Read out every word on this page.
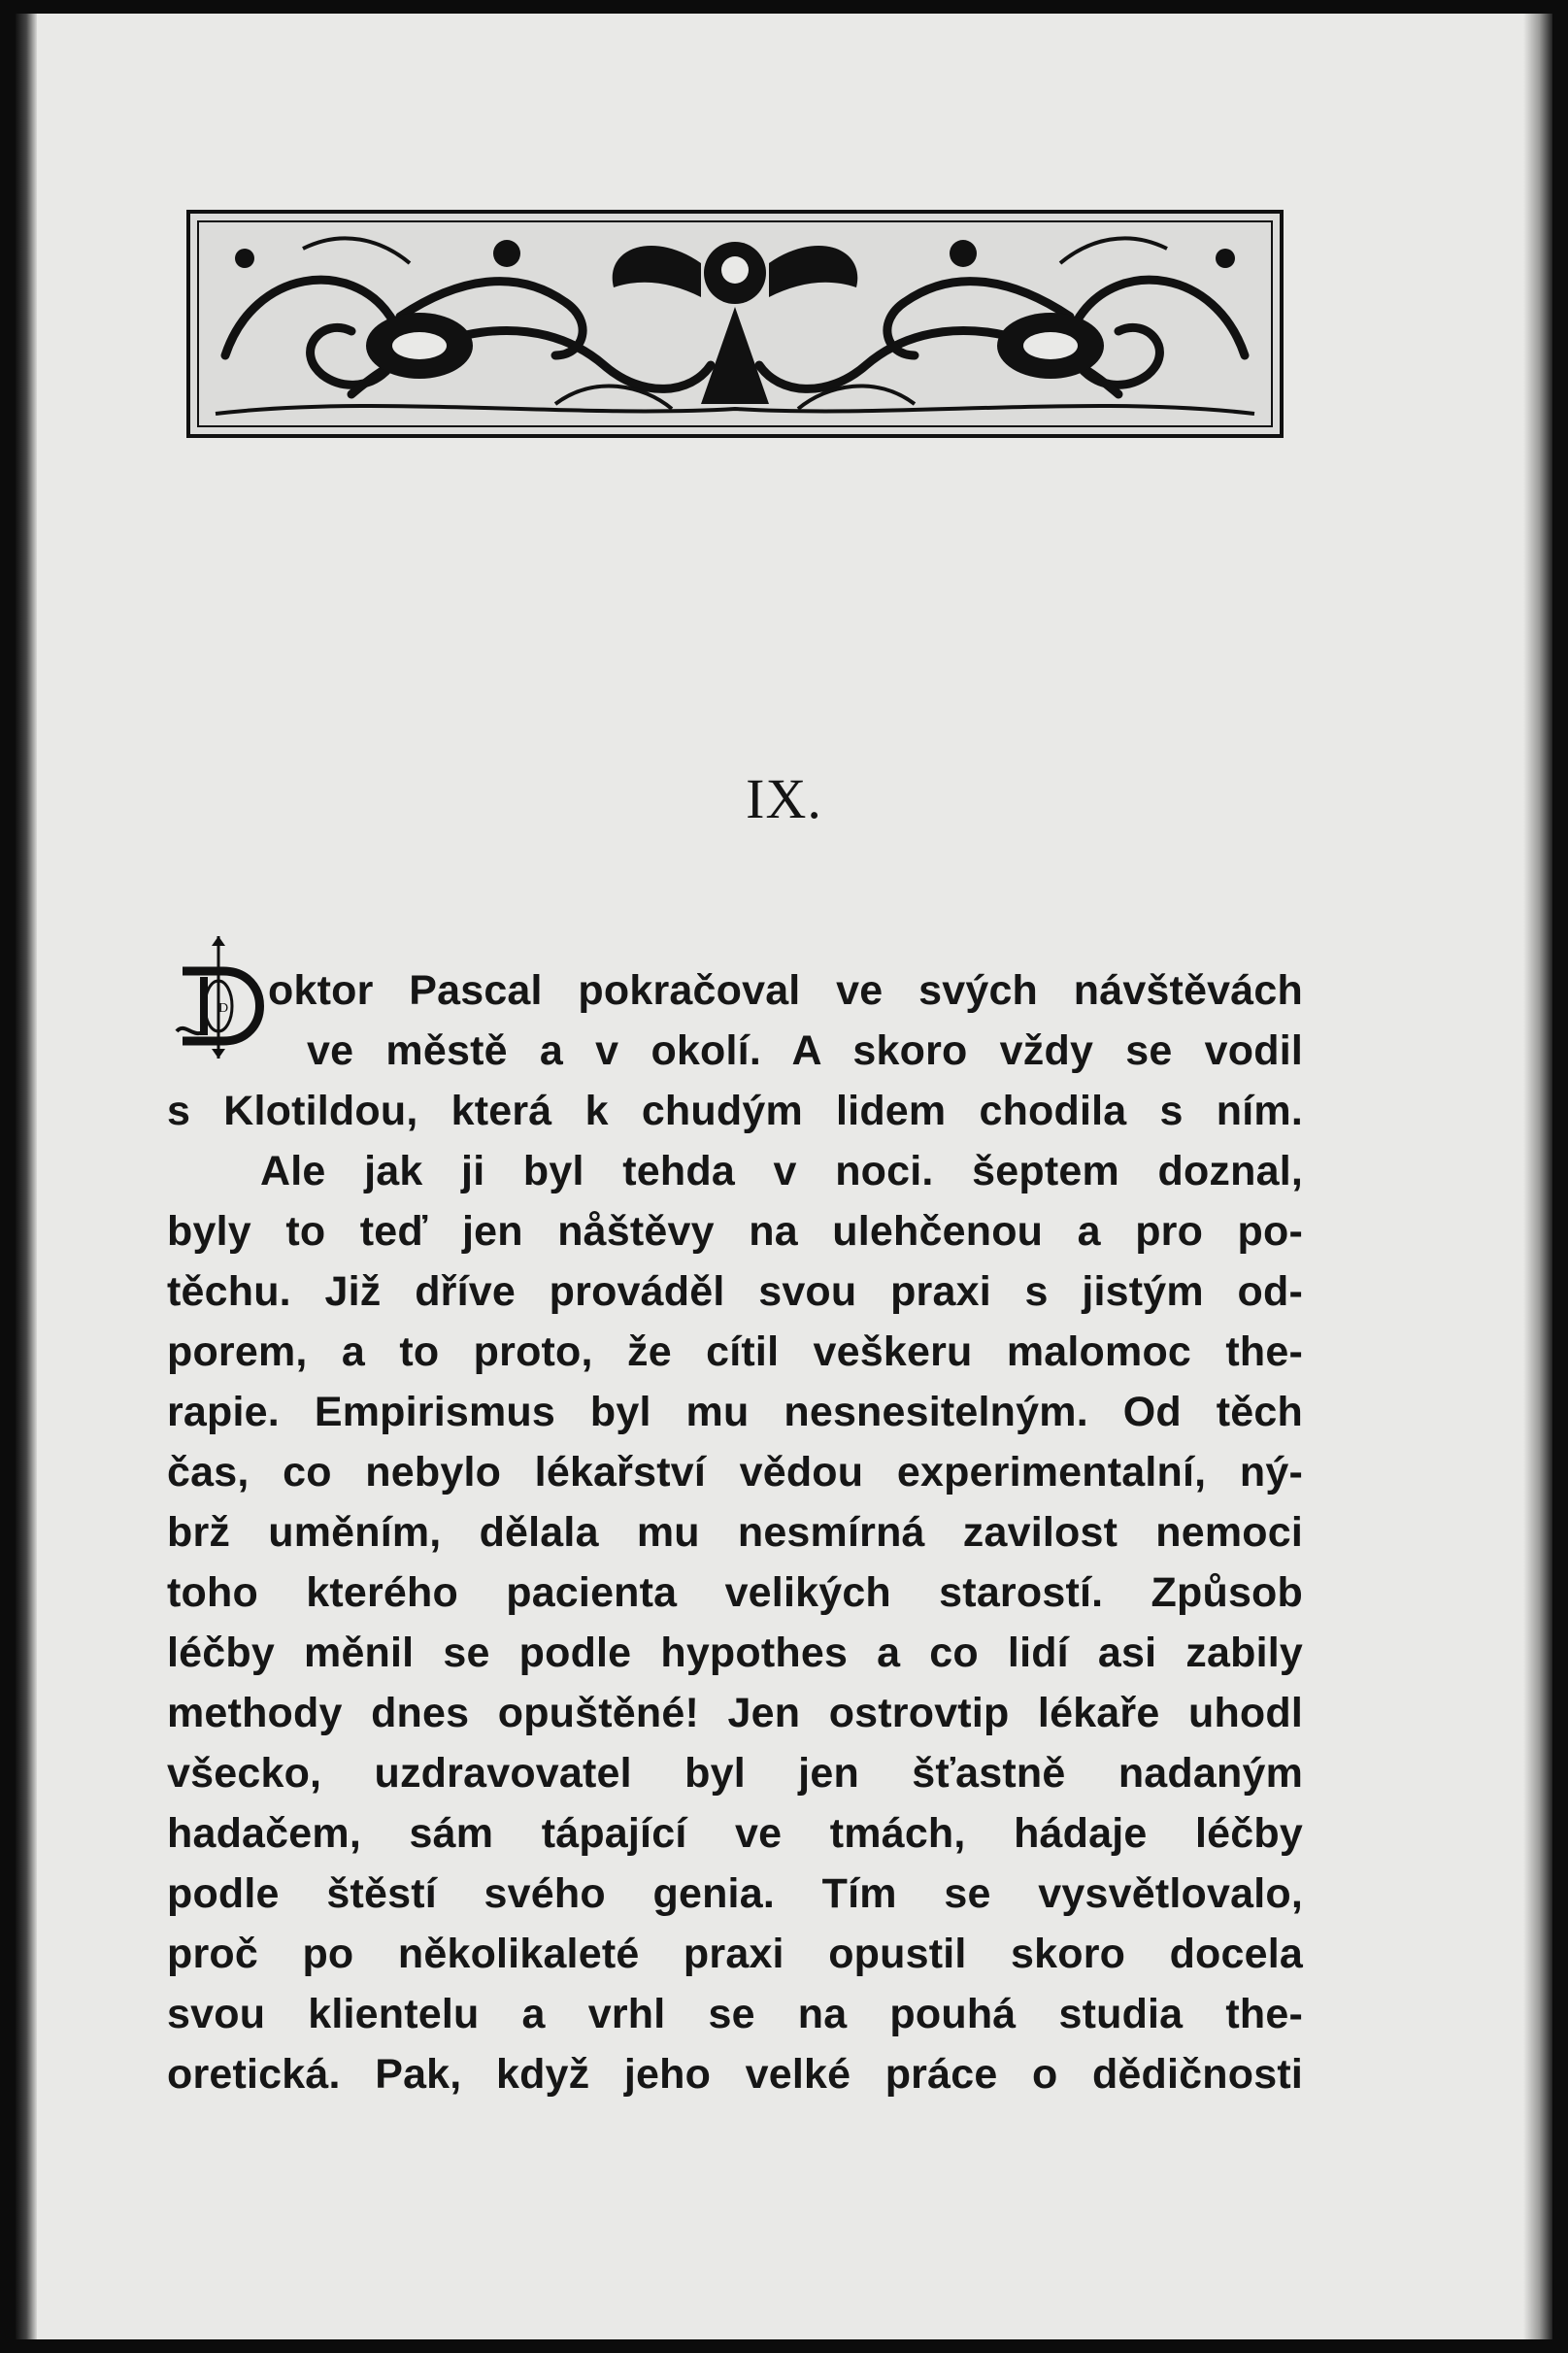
IX.
D oktor Pascal pokračoval ve svých návštěvách
ve městě a v okolí. A skoro vždy se vodil
s Klotildou, která k chudým lidem chodila s ním.
Ale jak ji byl tehda v noci. šeptem doznal,
byly to teď jen nåštěvy na ulehčenou a pro po-
těchu. Již dříve prováděl svou praxi s jistým od-
porem, a to proto, že cítil veškeru malomoc the-
rapie. Empirismus byl mu nesnesitelným. Od těch
čas, co nebylo lékařství vědou experimentalní, ný-
brž uměním, dělala mu nesmírná zavilost nemoci
toho kterého pacienta velikých starostí. Způsob
léčby měnil se podle hypothes a co lidí asi zabily
methody dnes opuštěné! Jen ostrovtip lékaře uhodl
všecko, uzdravovatel byl jen šťastně nadaným
hadačem, sám tápající ve tmách, hádaje léčby
podle štěstí svého genia. Tím se vysvětlovalo,
proč po několikaleté praxi opustil skoro docela
svou klientelu a vrhl se na pouhá studia the-
oretická. Pak, když jeho velké práce o dědičnosti
